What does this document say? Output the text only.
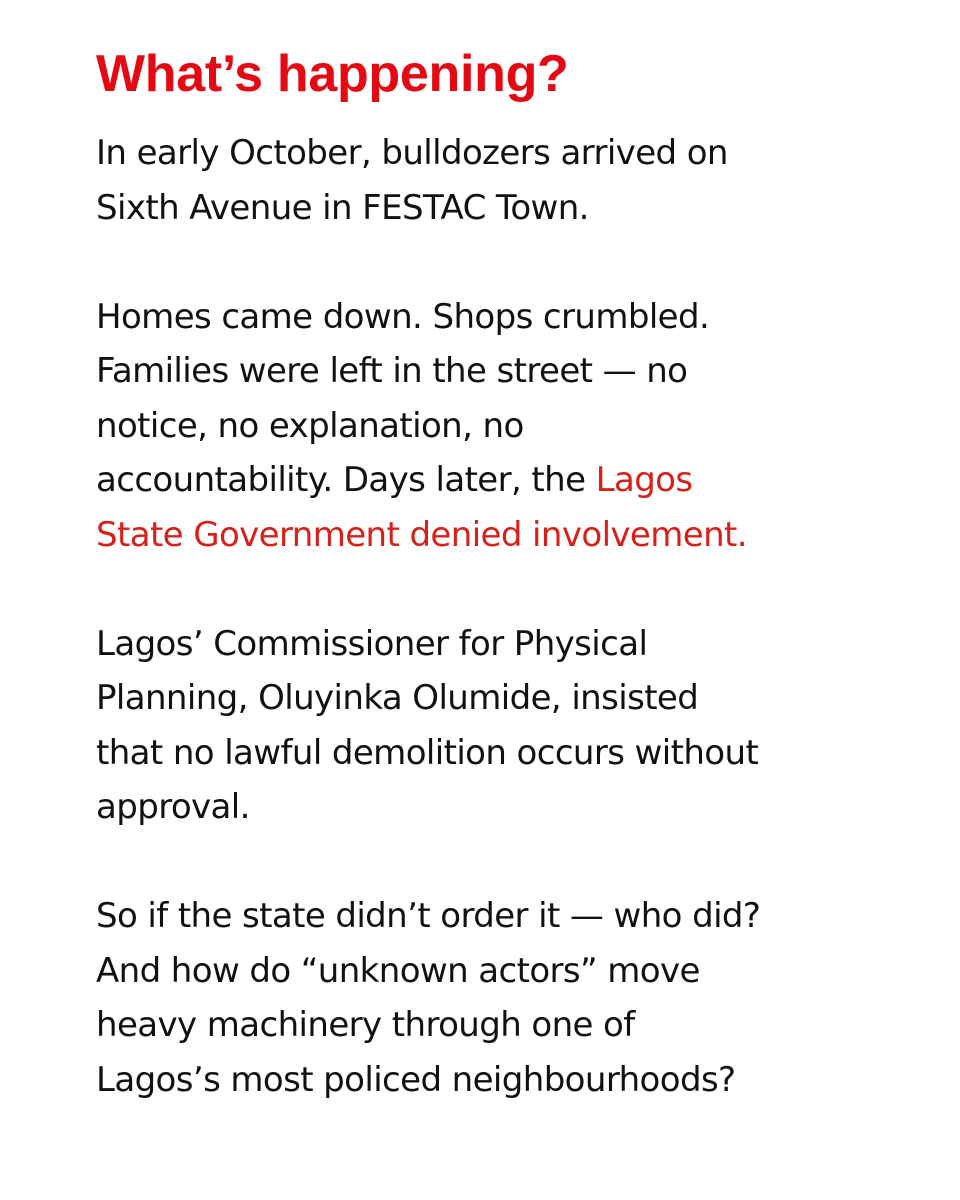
What’s happening?

In early October, bulldozers arrived on
Sixth Avenue in FESTAC Town.

Homes came down. Shops crumbled.
Families were left in the street — no
notice, no explanation, no
accountability. Days later, the Lagos
State Government denied involvement.

Lagos’ Commissioner for Physical
Planning, Oluyinka Olumide, insisted
that no lawful demolition occurs without
approval.

So if the state didn’t order it — who did?
And how do “unknown actors” move
heavy machinery through one of
Lagos’s most policed neighbourhoods?
